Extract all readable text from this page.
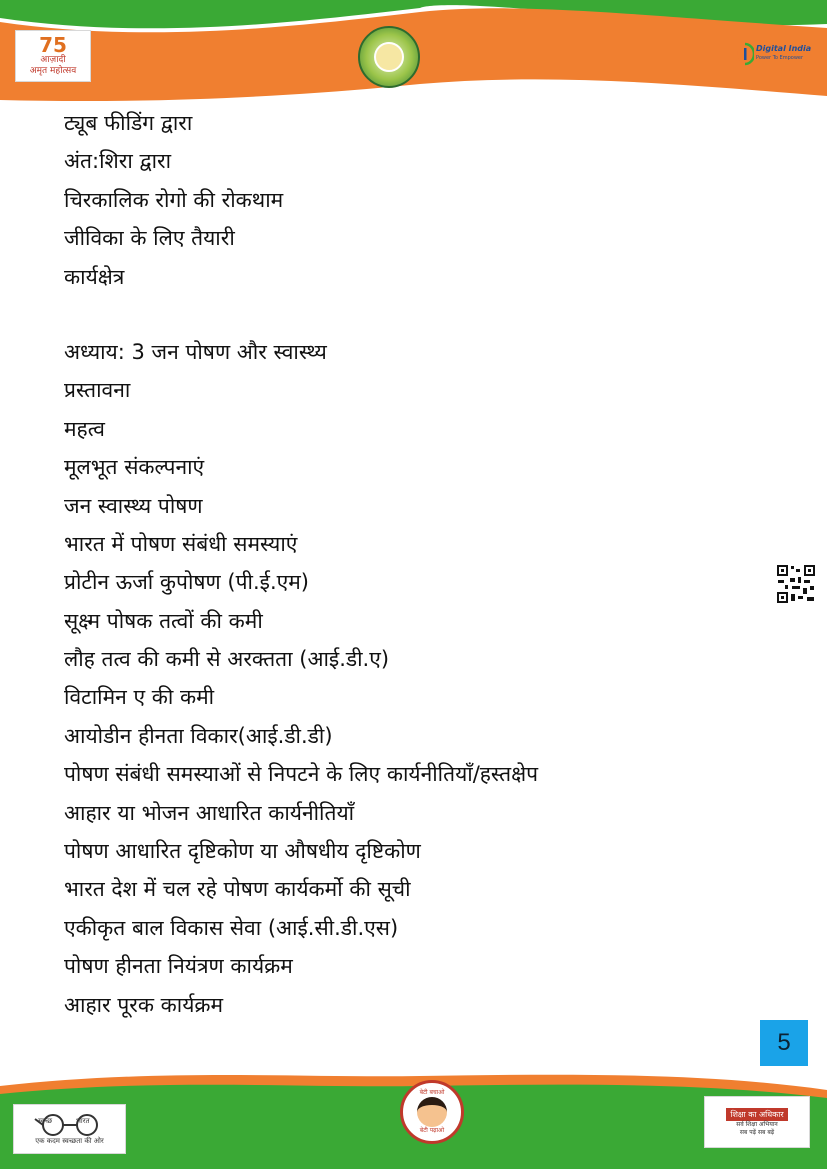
75
आज़ादी
अमृत महोत्सव
Digital India
Power To Empower
ट्यूब फीडिंग द्वारा
अंत:शिरा द्वारा
चिरकालिक रोगो की रोकथाम
जीविका के लिए तैयारी
कार्यक्षेत्र
अध्याय: 3 जन पोषण और स्वास्थ्य
प्रस्तावना
महत्व
मूलभूत संकल्पनाएं
जन स्वास्थ्य पोषण
भारत में पोषण संबंधी समस्याएं
प्रोटीन ऊर्जा कुपोषण (पी.ई.एम)
सूक्ष्म पोषक तत्वों की कमी
लौह तत्व की कमी से अरक्तता (आई.डी.ए)
विटामिन ए की कमी
आयोडीन हीनता विकार(आई.डी.डी)
पोषण संबंधी समस्याओं से निपटने के लिए कार्यनीतियाँ/हस्तक्षेप
आहार या भोजन आधारित कार्यनीतियाँ
पोषण आधारित दृष्टिकोण या औषधीय दृष्टिकोण
भारत देश में चल रहे पोषण कार्यकर्मो की सूची
एकीकृत बाल विकास सेवा (आई.सी.डी.एस)
पोषण हीनता नियंत्रण कार्यक्रम
आहार पूरक कार्यक्रम
5
स्वच्छ	भारत
एक कदम स्वच्छता की ओर
बेटी बचाओ
बेटी पढ़ाओ
शिक्षा का अधिकार
सर्व शिक्षा अभियान
सब पढ़ें सब बढ़ें
